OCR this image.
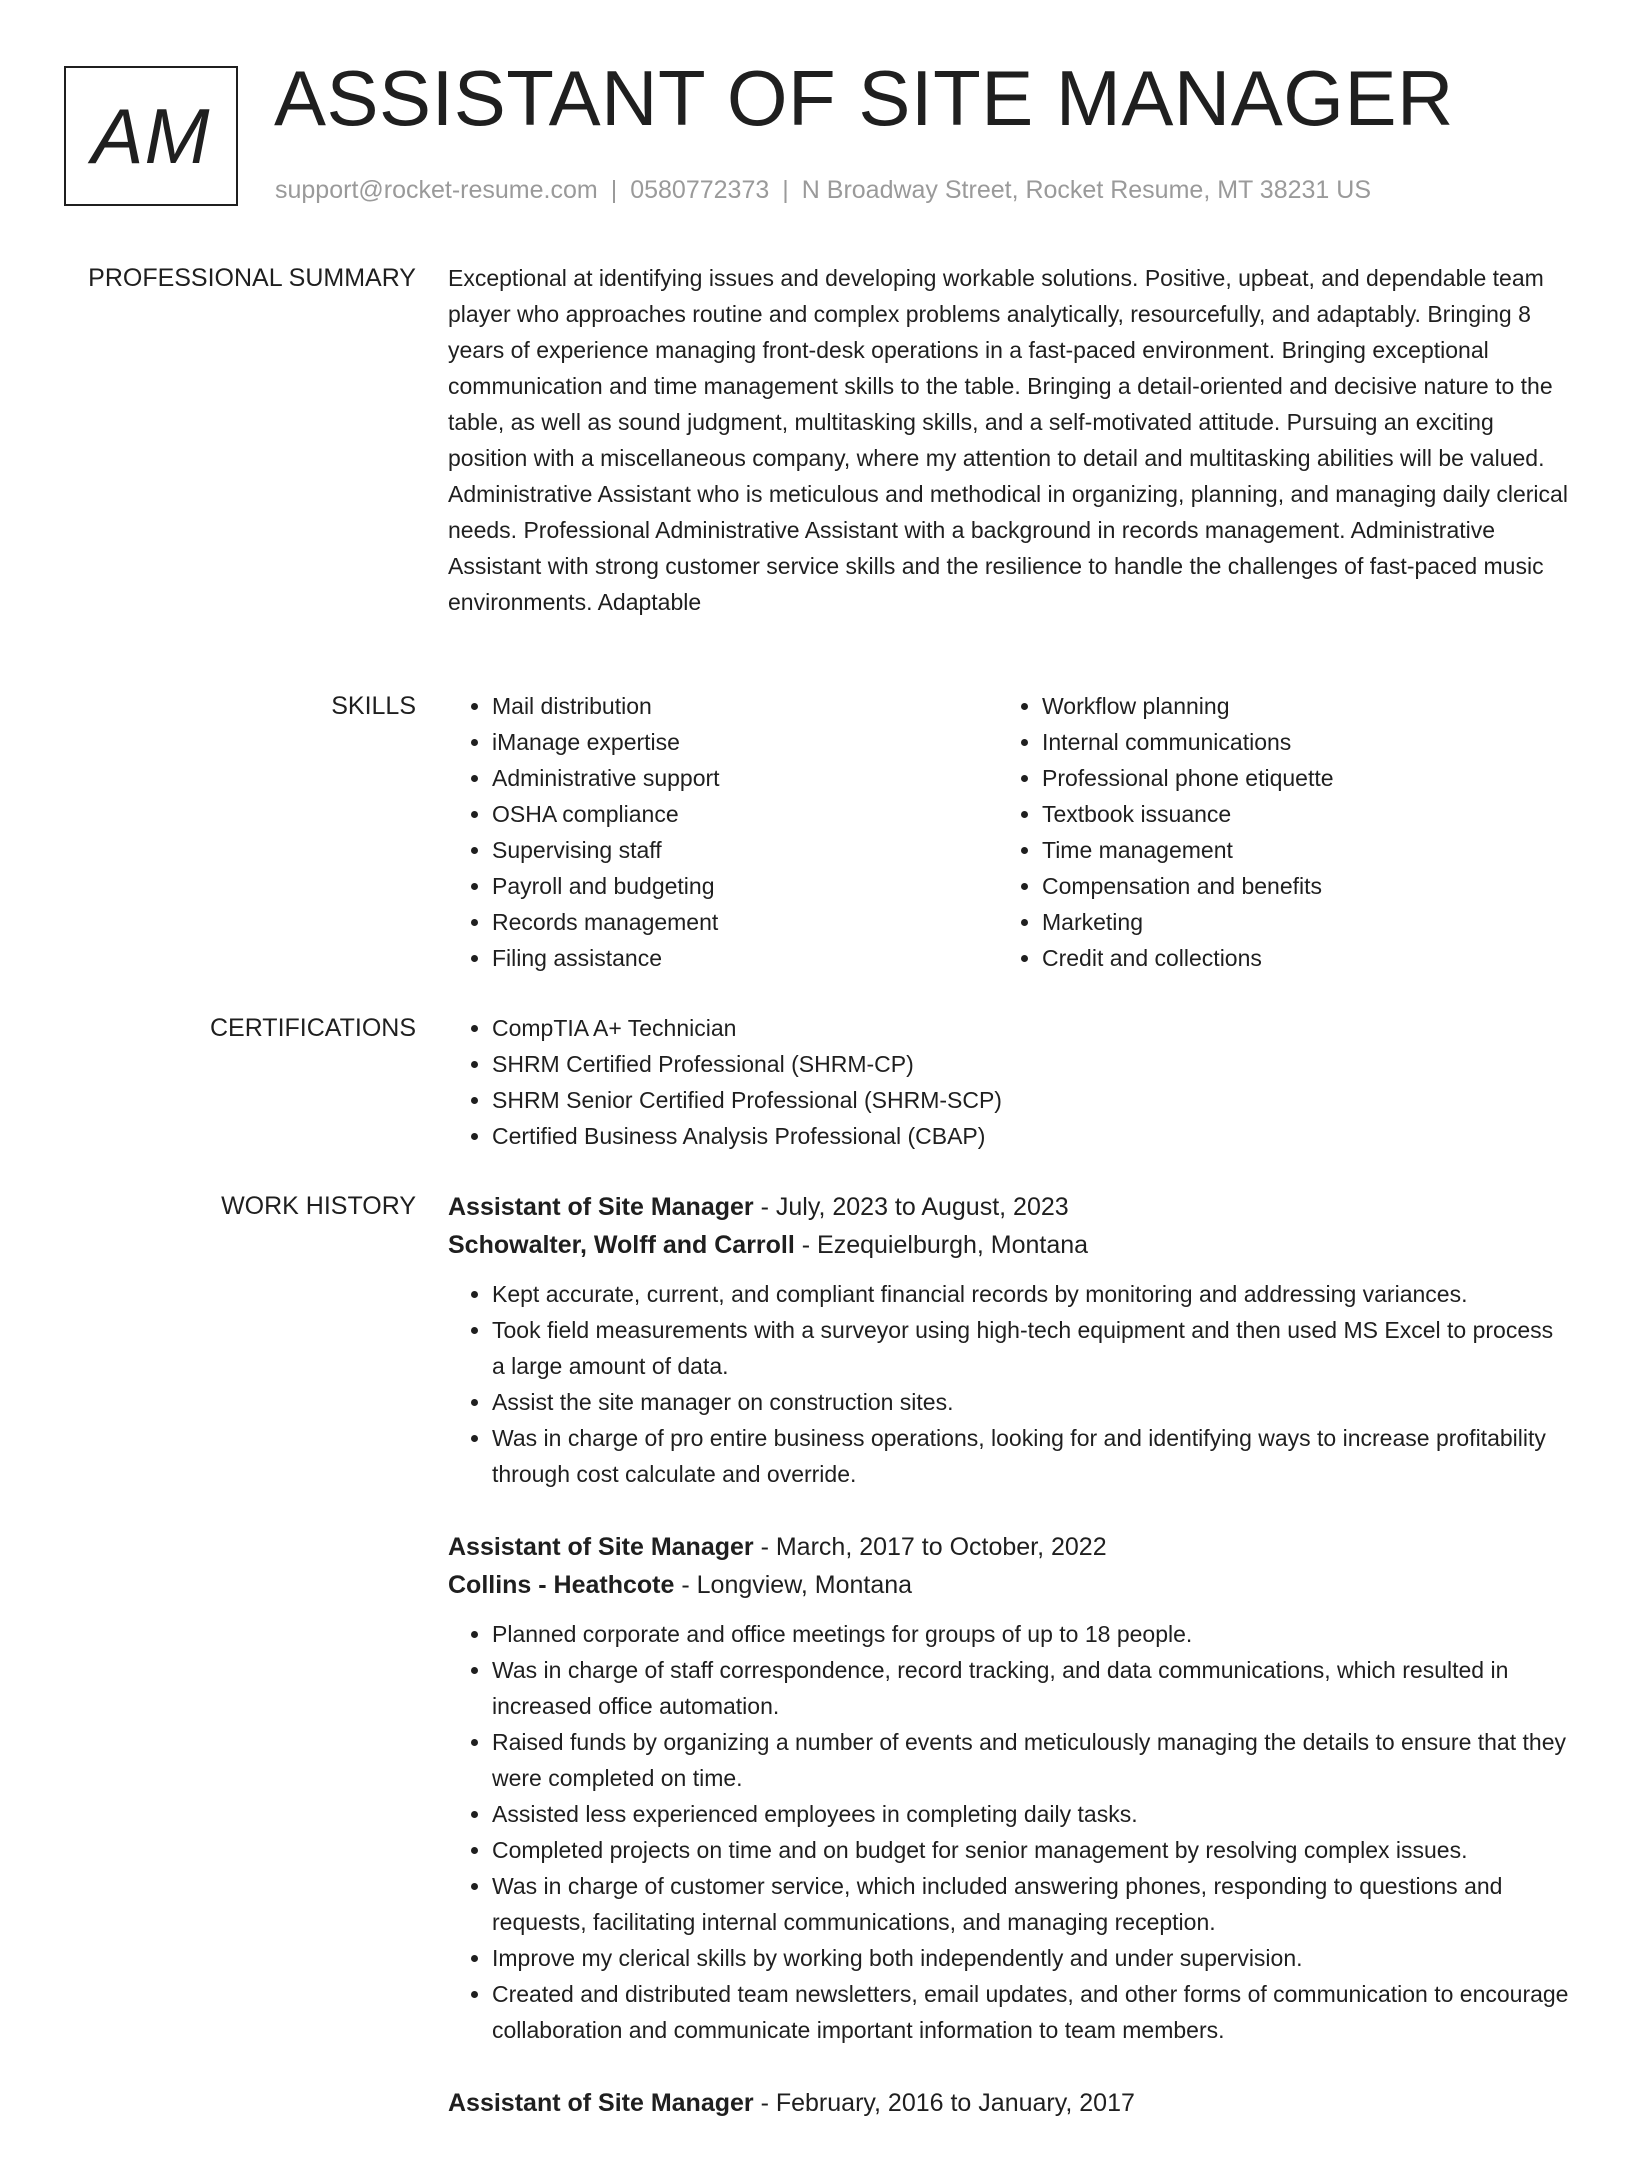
AM ASSISTANT OF SITE MANAGER
support@rocket-resume.com | 0580772373 | N Broadway Street, Rocket Resume, MT 38231 US
PROFESSIONAL SUMMARY Exceptional at identifying issues and developing workable solutions. Positive, upbeat, and dependable team player who approaches routine and complex problems analytically, resourcefully, and adaptably. Bringing 8 years of experience managing front-desk operations in a fast-paced environment. Bringing exceptional communication and time management skills to the table. Bringing a detail-oriented and decisive nature to the table, as well as sound judgment, multitasking skills, and a self-motivated attitude. Pursuing an exciting position with a miscellaneous company, where my attention to detail and multitasking abilities will be valued. Administrative Assistant who is meticulous and methodical in organizing, planning, and managing daily clerical needs. Professional Administrative Assistant with a background in records management. Administrative Assistant with strong customer service skills and the resilience to handle the challenges of fast-paced music environments. Adaptable
SKILLS	• Mail distribution
• iManage expertise
• Administrative support
• OSHA compliance
• Supervising staff
• Payroll and budgeting
• Records management
• Filing assistance
• Workflow planning
• Internal communications
• Professional phone etiquette
• Textbook issuance
• Time management
• Compensation and benefits
• Marketing
• Credit and collections
CERTIFICATIONS	• CompTIA A+ Technician
• SHRM Certified Professional (SHRM-CP)
• SHRM Senior Certified Professional (SHRM-SCP)
• Certified Business Analysis Professional (CBAP)
WORK HISTORY Assistant of Site Manager - July, 2023 to August, 2023
Schowalter, Wolff and Carroll - Ezequielburgh, Montana
• Kept accurate, current, and compliant financial records by monitoring and addressing variances.
• Took field measurements with a surveyor using high-tech equipment and then used MS Excel to process a large amount of data.
• Assist the site manager on construction sites.
• Was in charge of pro entire business operations, looking for and identifying ways to increase profitability through cost calculate and override.
Assistant of Site Manager - March, 2017 to October, 2022
Collins - Heathcote - Longview, Montana
• Planned corporate and office meetings for groups of up to 18 people.
• Was in charge of staff correspondence, record tracking, and data communications, which resulted in increased office automation.
• Raised funds by organizing a number of events and meticulously managing the details to ensure that they were completed on time.
• Assisted less experienced employees in completing daily tasks.
• Completed projects on time and on budget for senior management by resolving complex issues.
• Was in charge of customer service, which included answering phones, responding to questions and requests, facilitating internal communications, and managing reception.
• Improve my clerical skills by working both independently and under supervision.
• Created and distributed team newsletters, email updates, and other forms of communication to encourage collaboration and communicate important information to team members.
Assistant of Site Manager - February, 2016 to January, 2017
